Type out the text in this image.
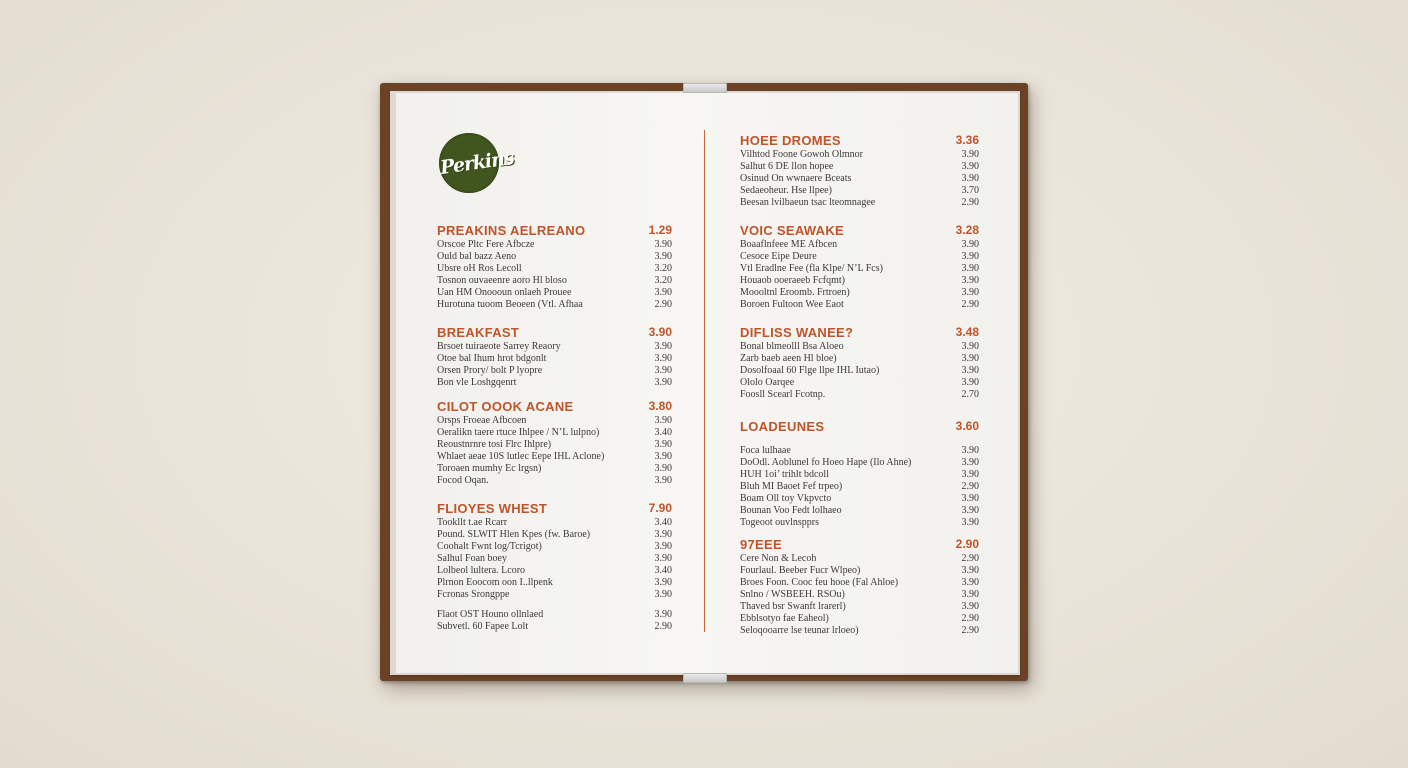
Perkins
PREAKINS AELREANO	1.29
Orscoe Pltc Fere Afbcze	3.90
Ould bal bazz Aeno	3.90
Ubsre oH Ros Lecoll	3.20
Tosnon ouvaeenre aoro Hl bloso	3.20
Uan HM Onoooun onlaeh Prouee	3.90
Hurotuna tuoom Beoeen (Vtl. Afhaa	2.90
BREAKFAST	3.90
Brsoet tuiraeote Sarrey Reaory	3.90
Otoe bal Ihum hrot bdgonlt	3.90
Orsen Prory/ bolt P lyopre	3.90
Bon vle Loshgqenrt	3.90
CILOT OOOK ACANE	3.80
Orsps Froeae Afbcoen	3.90
Oeralikn taere rtuce Ihlpee / N’L lulpno)	3.40
Reoustnrnre tosi Flrc Ihlpre)	3.90
Whlaet aeae 10S lutlec Eepe IHL Aclone)	3.90
Toroaen mumhy Ec lrgsn)	3.90
Focod Oqan.	3.90
FLIOYES WHEST	7.90
Tookllt t.ae Rcarr	3.40
Pound. SLWIT Hlen Kpes (fw. Baroe)	3.90
Coohalt Fwnt log/Tcrigot)	3.90
Salhul Foan boey	3.90
Lolbeol lultera. Lcoro	3.40
Plrnon Eoocom oon I..llpenk	3.90
Fcronas Srongppe	3.90
Flaot OST Houno ollnlaed	3.90
Subvetl. 60 Fapee Lolt	2.90
HOEE DROMES	3.36
Vilhtod Foone Gowoh Olmnor	3.90
Salhut 6 DE llon hopee	3.90
Osinud On wwnaere Bceats	3.90
Sedaeoheur. Hse llpee)	3.70
Beesan lvilbaeun tsac lteomnagee	2.90
VOIC SEAWAKE	3.28
Boaaflnfeee ME Afbcen	3.90
Cesoce Eipe Deure	3.90
Vtl Eradlne Fee (fla Klpe/ N’L Fcs)	3.90
Houaob ooeraeeb Fcfqmt)	3.90
Moooltnl Eroomb. Frtroen)	3.90
Boroen Fultoon Wee Eaot	2.90
DIFLISS WANEE?	3.48
Bonal blmeolll Bsa Aloeo	3.90
Zarb baeb aeen Hl bloe)	3.90
Dosolfoaal 60 Flge llpe IHL Iutao)	3.90
Ololo Oarqee	3.90
Foosll Scearl Fcotnp.	2.70
LOADEUNES	3.60
Foca lulhaae	3.90
DoOdl. Aoblunel fo Hoeo Hape (Ilo Ahne)	3.90
HUH 1oi’ trihlt bdcoll	3.90
Bluh MI Baoet Fef trpeo)	2.90
Boam Oll toy Vkpvcto	3.90
Bounan Voo Fedt lolhaeo	3.90
Togeoot ouvlnspprs	3.90
97EEE	2.90
Cere Non & Lecoh	2.90
Fourlaul. Beeber Fucr Wlpeo)	3.90
Broes Foon. Cooc feu hooe (Fal Ahloe)	3.90
Snlno / WSBEEH. RSOu)	3.90
Thaved bsr Swanft lrarerl)	3.90
Ebblsotyo fae Eaheol)	2.90
Seloqooarre lse teunar lrloeo)	2.90
